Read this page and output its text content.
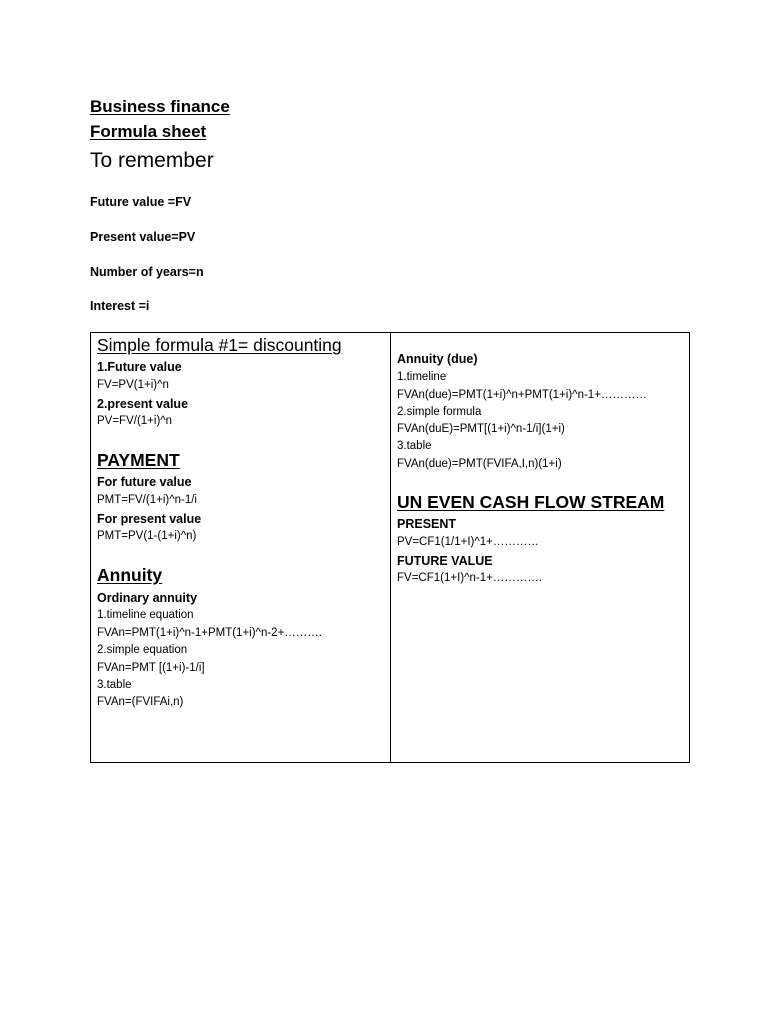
Business finance
Formula sheet
To remember
Future value =FV
Present value=PV
Number of years=n
Interest =i
Simple formula #1= discounting
1.Future value
FV=PV(1+i)^n
2.present value
PV=FV/(1+i)^n
PAYMENT
For future value
PMT=FV/(1+i)^n-1/i
For present value
PMT=PV(1-(1+i)^n)
Annuity
Ordinary annuity
1.timeline equation
FVAn=PMT(1+i)^n-1+PMT(1+i)^n-2+……….
2.simple equation
FVAn=PMT [(1+i)-1/i]
3.table
FVAn=(FVIFAi,n)
Annuity (due)
1.timeline
FVAn(due)=PMT(1+i)^n+PMT(1+i)^n-1+…………
2.simple formula
FVAn(duE)=PMT[(1+i)^n-1/i](1+i)
3.table
FVAn(due)=PMT(FVIFA,I,n)(1+i)
UN EVEN CASH FLOW STREAM
PRESENT
PV=CF1(1/1+I)^1+…………
FUTURE VALUE
FV=CF1(1+I)^n-1+………….
